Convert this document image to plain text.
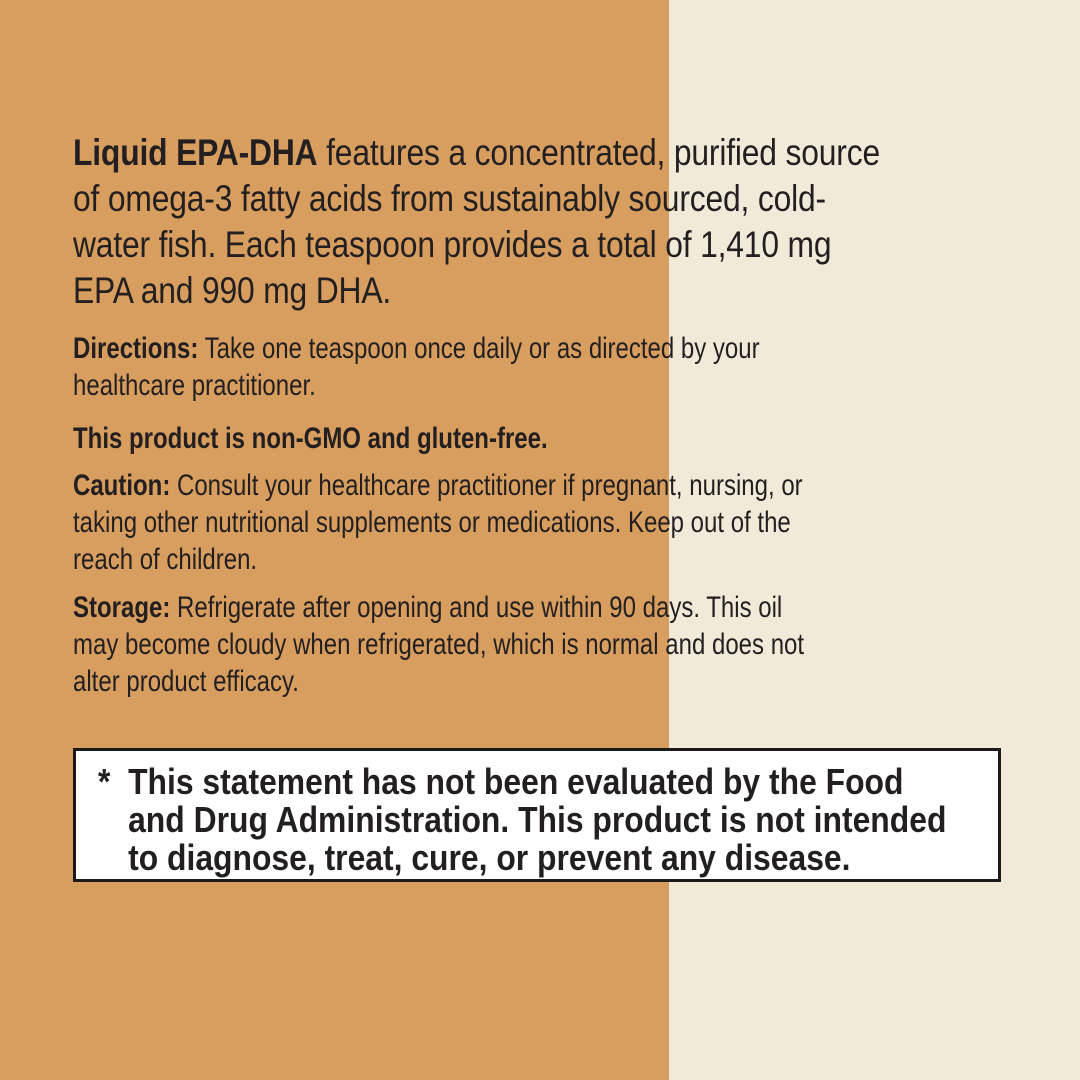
Liquid EPA-DHA features a concentrated, purified source
of omega-3 fatty acids from sustainably sourced, cold-
water fish. Each teaspoon provides a total of 1,410 mg
EPA and 990 mg DHA.

Directions: Take one teaspoon once daily or as directed by your
healthcare practitioner.

This product is non-GMO and gluten-free.

Caution: Consult your healthcare practitioner if pregnant, nursing, or
taking other nutritional supplements or medications. Keep out of the
reach of children.

Storage: Refrigerate after opening and use within 90 days. This oil
may become cloudy when refrigerated, which is normal and does not
alter product efficacy.

* This statement has not been evaluated by the Food
and Drug Administration. This product is not intended
to diagnose, treat, cure, or prevent any disease.
